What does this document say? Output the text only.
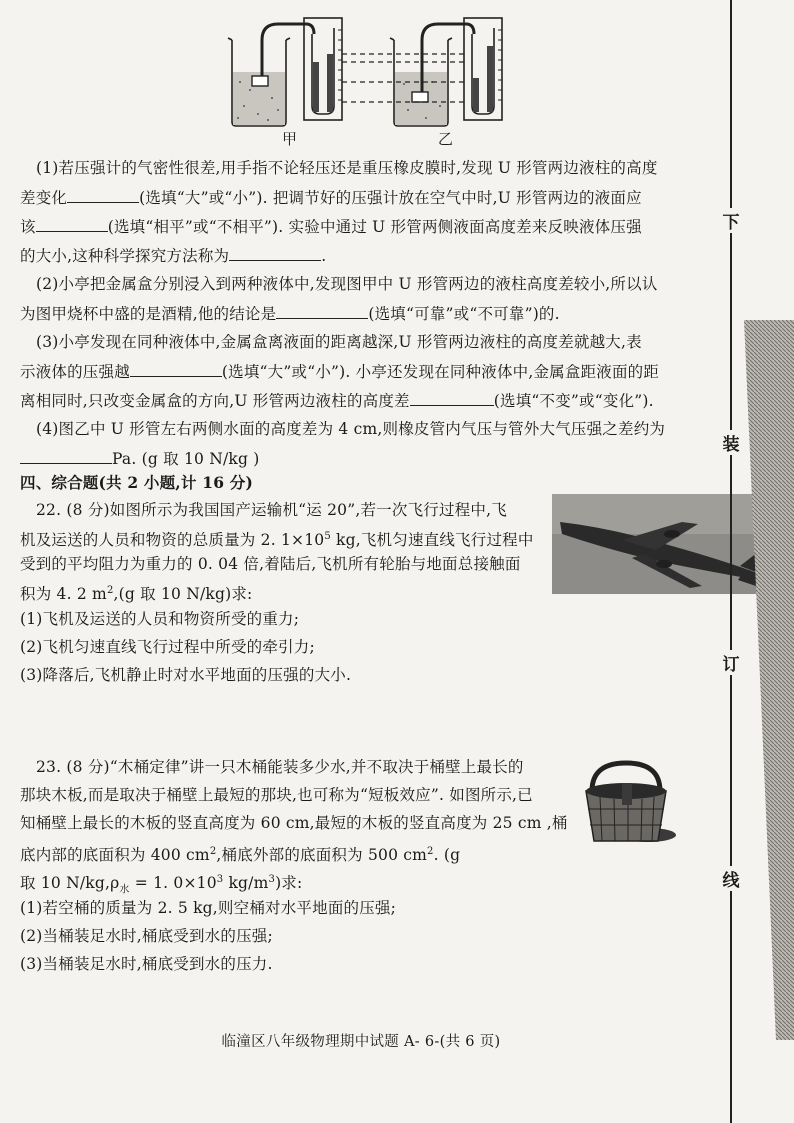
甲	乙
(1)若压强计的气密性很差,用手指不论轻压还是重压橡皮膜时,发现 U 形管两边液柱的高度
差变化	(选填“大”或“小”). 把调节好的压强计放在空气中时,U 形管两边的液面应
该	(选填“相平”或“不相平”). 实验中通过 U 形管两侧液面高度差来反映液体压强
的大小,这种科学探究方法称为	.
(2)小亭把金属盒分别浸入到两种液体中,发现图甲中 U 形管两边的液柱高度差较小,所以认
为图甲烧杯中盛的是酒精,他的结论是	(选填“可靠”或“不可靠”)的.
(3)小亭发现在同种液体中,金属盒离液面的距离越深,U 形管两边液柱的高度差就越大,表
示液体的压强越	(选填“大”或“小”). 小亭还发现在同种液体中,金属盒距液面的距
离相同时,只改变金属盒的方向,U 形管两边液柱的高度差	(选填“不变”或“变化”).
(4)图乙中 U 形管左右两侧水面的高度差为 4 cm,则橡皮管内气压与管外大气压强之差约为
Pa. (g 取 10 N/kg )
四、综合题(共 2 小题,计 16 分)
22. (8 分)如图所示为我国国产运输机“运 20”,若一次飞行过程中,飞
机及运送的人员和物资的总质量为 2. $1\times 10^5$ kg,飞机匀速直线飞行过程中
受到的平均阻力为重力的 0. 04 倍,着陆后,飞机所有轮胎与地面总接触面
积为 4. 2 $m^2,(g$ 取 10 N/kg)求:
(1)飞机及运送的人员和物资所受的重力;
(2)飞机匀速直线飞行过程中所受的牵引力;
(3)降落后,飞机静止时对水平地面的压强的大小.
23. (8 分)“木桶定律”讲一只木桶能装多少水,并不取决于桶壁上最长的
那块木板,而是取决于桶壁上最短的那块,也可称为“短板效应”. 如图所示,已
知桶壁上最长的木板的竖直高度为 60 cm,最短的木板的竖直高度为 25 cm ,桶
底内部的底面积为 400 $cm^2$,桶底外部的底面积为 500 $cm^2$. (g
取 10 $N/kg,\rho_水 = 1$. $0\times 10^3$ $kg/m^3$)求:
(1)若空桶的质量为 2. 5 kg,则空桶对水平地面的压强;
(2)当桶装足水时,桶底受到水的压强;
(3)当桶装足水时,桶底受到水的压力.
下
装
订
线
临潼区八年级物理期中试题 A- 6-(共 6 页)
